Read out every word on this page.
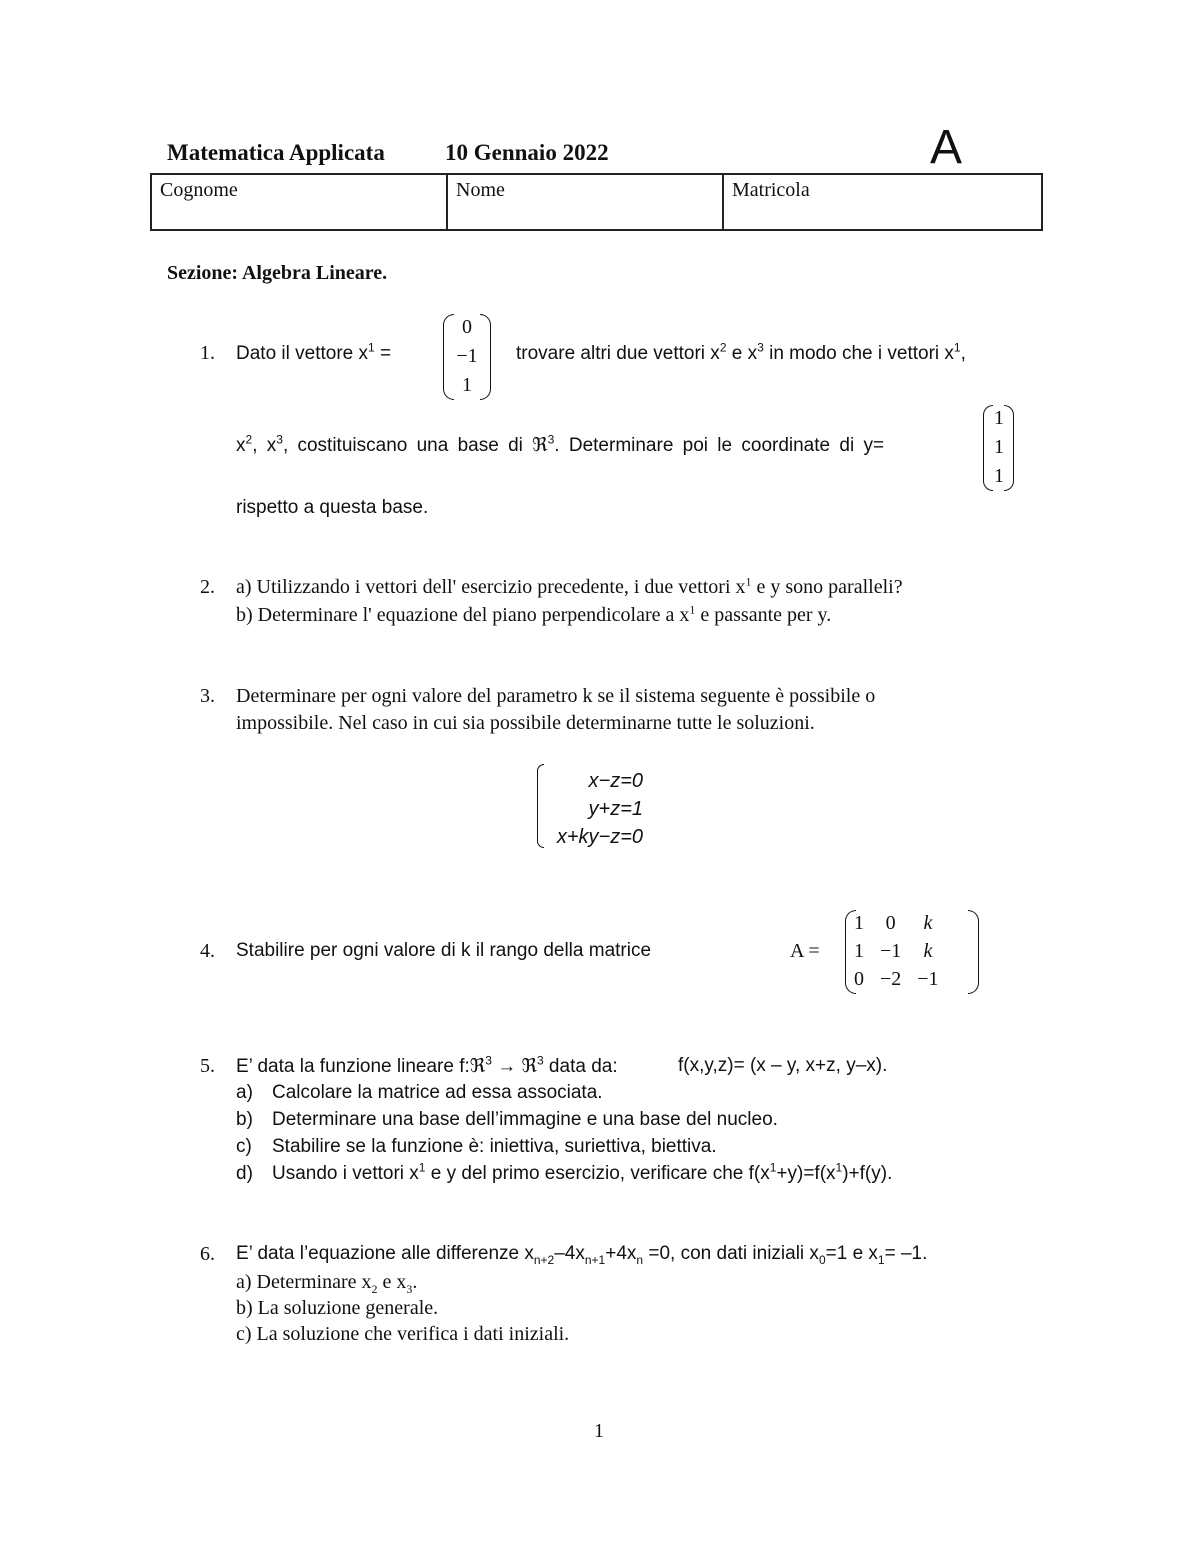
Matematica Applicata	10 Gennaio 2022	A
Cognome	Nome	Matricola
Sezione: Algebra Lineare.
1. Dato il vettore $x^1$ =
0
−1
1
trovare altri due vettori $x^2$ e $x^3$ in modo che i vettori $x^1$,
$x^2$, $x^3$, costituiscano una base di ℜ$^3$. Determinare poi le coordinate di y=
1
1
1
rispetto a questa base.
2. a) Utilizzando i vettori dell' esercizio precedente, i due vettori $x^1$ e y sono paralleli?
b) Determinare l' equazione del piano perpendicolare a $x^1$ e passante per y.
3. Determinare per ogni valore del parametro k se il sistema seguente è possibile o
impossibile. Nel caso in cui sia possibile determinarne tutte le soluzioni.
x−z=0
y+z=1
x+ky−z=0
4. Stabilire per ogni valore di k il rango della matrice	A =
1	0	k
1	−1	k
0	−2	−1
5. E’ data la funzione lineare f:ℜ$^3$ → ℜ$^3$ data da:	f(x,y,z)= (x – y, x+z, y–x).
a) Calcolare la matrice ad essa associata.
b) Determinare una base dell’immagine e una base del nucleo.
c) Stabilire se la funzione è: iniettiva, suriettiva, biettiva.
d) Usando i vettori $x^1$ e y del primo esercizio, verificare che $f(x^1+y)=f(x^1)+f(y)$.
6. E’ data l’equazione alle differenze $x_{n+2}-4x_{n+1}+4x_n =0$, con dati iniziali $x_0=1$ e $x_1= -1$.
a) Determinare $x_2$ e $x_3$.
b) La soluzione generale.
c) La soluzione che verifica i dati iniziali.
1
